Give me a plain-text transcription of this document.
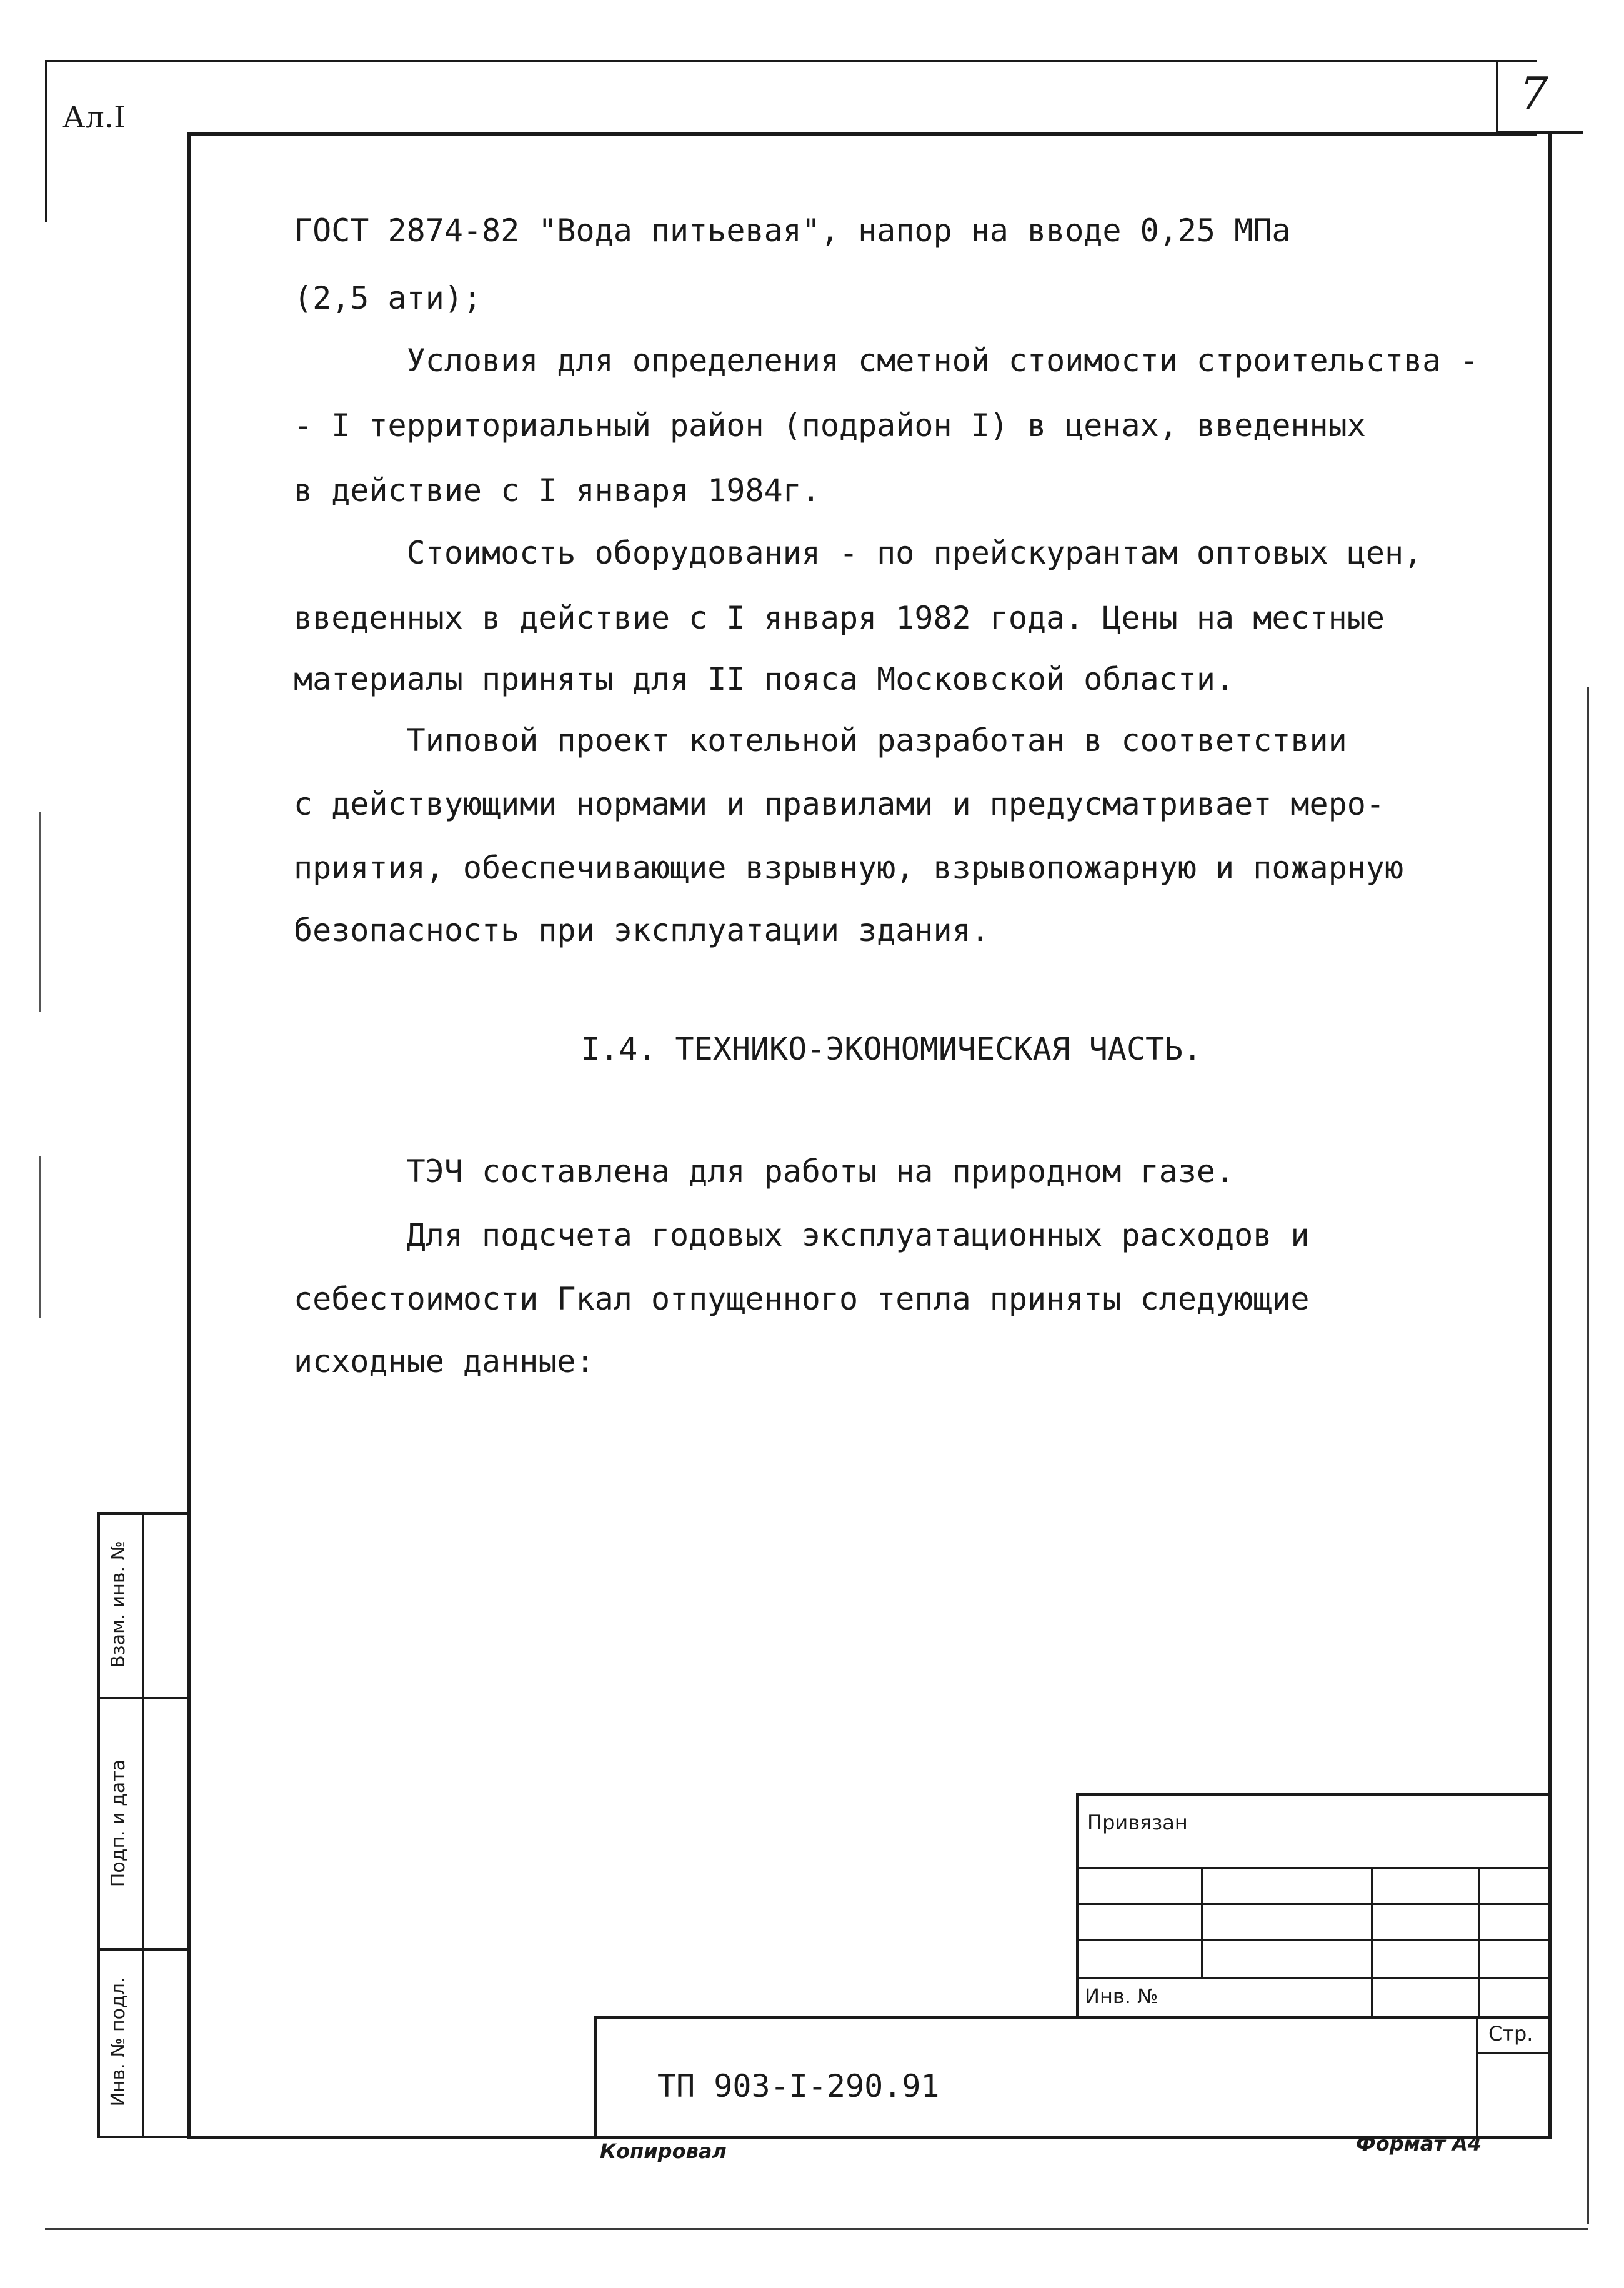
Ал.I	7
ГОСТ 2874-82 "Вода питьевая", напор на вводе 0,25 МПа
(2,5 ати);
Условия для определения сметной стоимости строительства -
- I территориальный район (подрайон I) в ценах, введенных
в действие с I января 1984г.
Стоимость оборудования - по прейскурантам оптовых цен,
введенных в действие с I января 1982 года. Цены на местные
материалы приняты для II пояса Московской области.
Типовой проект котельной разработан в соответствии
с действующими нормами и правилами и предусматривает меро-
приятия, обеспечивающие взрывную, взрывопожарную и пожарную
безопасность при эксплуатации здания.
I.4. ТЕХНИКО-ЭКОНОМИЧЕСКАЯ ЧАСТЬ.
ТЭЧ составлена для работы на природном газе.
Для подсчета годовых эксплуатационных расходов и
себестоимости Гкал отпущенного тепла приняты следующие
исходные данные:
Взам. инв. №
Подп. и дата
Инв. № подл.
Привязан
Инв. №
Стр.
ТП 903-I-290.91
Копировал	Формат А4
